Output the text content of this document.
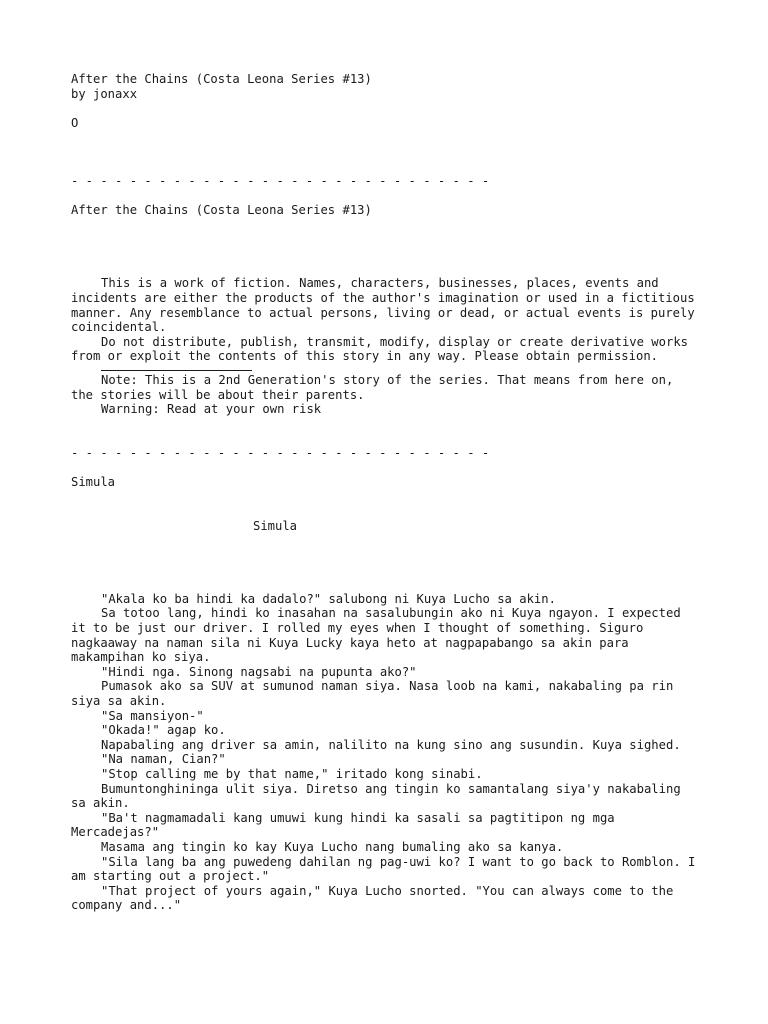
After the Chains (Costa Leona Series #13)
by jonaxx
O
- - - - - - - - - - - - - - - - - - - - - - - - - - - - -
After the Chains (Costa Leona Series #13)
This is a work of fiction. Names, characters, businesses, places, events and incidents are either the products of the author's imagination or used in a fictitious manner. Any resemblance to actual persons, living or dead, or actual events is purely coincidental.
Do not distribute, publish, transmit, modify, display or create derivative works from or exploit the contents of this story in any way. Please obtain permission.
Note: This is a 2nd Generation's story of the series. That means from here on, the stories will be about their parents.
Warning: Read at your own risk
- - - - - - - - - - - - - - - - - - - - - - - - - - - - -
Simula
Simula
"Akala ko ba hindi ka dadalo?" salubong ni Kuya Lucho sa akin.
Sa totoo lang, hindi ko inasahan na sasalubungin ako ni Kuya ngayon. I expected it to be just our driver. I rolled my eyes when I thought of something. Siguro nagkaaway na naman sila ni Kuya Lucky kaya heto at nagpapabango sa akin para makampihan ko siya.
"Hindi nga. Sinong nagsabi na pupunta ako?"
Pumasok ako sa SUV at sumunod naman siya. Nasa loob na kami, nakabaling pa rin siya sa akin.
"Sa mansiyon-"
"Okada!" agap ko.
Napabaling ang driver sa amin, nalilito na kung sino ang susundin. Kuya sighed.
"Na naman, Cian?"
"Stop calling me by that name," iritado kong sinabi.
Bumuntonghininga ulit siya. Diretso ang tingin ko samantalang siya'y nakabaling sa akin.
"Ba't nagmamadali kang umuwi kung hindi ka sasali sa pagtitipon ng mga Mercadejas?"
Masama ang tingin ko kay Kuya Lucho nang bumaling ako sa kanya.
"Sila lang ba ang puwedeng dahilan ng pag-uwi ko? I want to go back to Romblon. I am starting out a project."
"That project of yours again," Kuya Lucho snorted. "You can always come to the company and..."
